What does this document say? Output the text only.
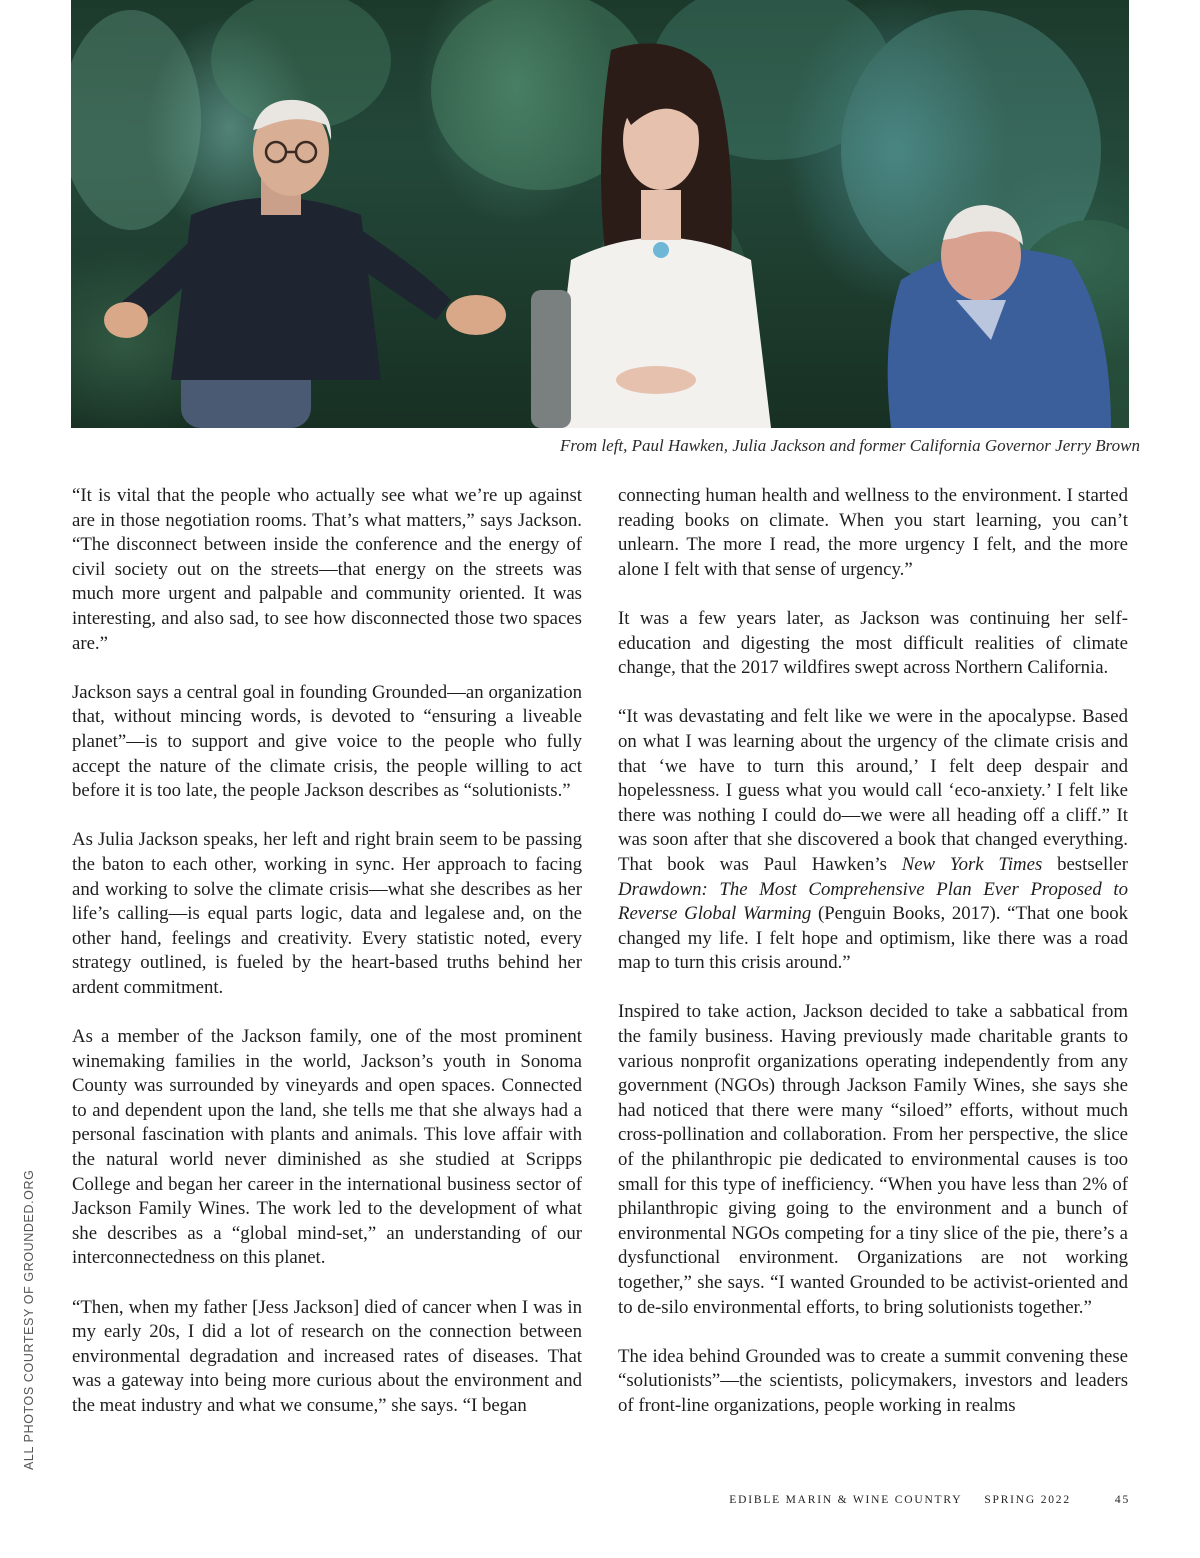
From left, Paul Hawken, Julia Jackson and former California Governor Jerry Brown

“It is vital that the people who actually see what we’re up against are in those negotiation rooms. That’s what matters,” says Jackson. “The disconnect between inside the conference and the energy of civil society out on the streets—that energy on the streets was much more urgent and palpable and community oriented. It was interesting, and also sad, to see how disconnected those two spaces are.”

Jackson says a central goal in founding Grounded—an organization that, without mincing words, is devoted to “ensuring a liveable planet”—is to support and give voice to the people who fully accept the nature of the climate crisis, the people willing to act before it is too late, the people Jackson describes as “solutionists.”

As Julia Jackson speaks, her left and right brain seem to be passing the baton to each other, working in sync. Her approach to facing and working to solve the climate crisis—what she describes as her life’s calling—is equal parts logic, data and legalese and, on the other hand, feelings and creativity. Every statistic noted, every strategy outlined, is fueled by the heart-based truths behind her ardent commitment.

As a member of the Jackson family, one of the most prominent winemaking families in the world, Jackson’s youth in Sonoma County was surrounded by vineyards and open spaces. Connected to and dependent upon the land, she tells me that she always had a personal fascination with plants and animals. This love affair with the natural world never diminished as she studied at Scripps College and began her career in the international business sector of Jackson Family Wines. The work led to the development of what she describes as a “global mind-set,” an understanding of our interconnectedness on this planet.

“Then, when my father [Jess Jackson] died of cancer when I was in my early 20s, I did a lot of research on the connection between environmental degradation and increased rates of diseases. That was a gateway into being more curious about the environment and the meat industry and what we consume,” she says. “I began

connecting human health and wellness to the environment. I started reading books on climate. When you start learning, you can’t unlearn. The more I read, the more urgency I felt, and the more alone I felt with that sense of urgency.”

It was a few years later, as Jackson was continuing her self-education and digesting the most difficult realities of climate change, that the 2017 wildfires swept across Northern California.

“It was devastating and felt like we were in the apocalypse. Based on what I was learning about the urgency of the climate crisis and that ‘we have to turn this around,’ I felt deep despair and hopelessness. I guess what you would call ‘eco-anxiety.’ I felt like there was nothing I could do—we were all heading off a cliff.” It was soon after that she discovered a book that changed everything. That book was Paul Hawken’s New York Times bestseller Drawdown: The Most Comprehensive Plan Ever Proposed to Reverse Global Warming (Penguin Books, 2017). “That one book changed my life. I felt hope and optimism, like there was a road map to turn this crisis around.”

Inspired to take action, Jackson decided to take a sabbatical from the family business. Having previously made charitable grants to various nonprofit organizations operating independently from any government (NGOs) through Jackson Family Wines, she says she had noticed that there were many “siloed” efforts, without much cross-pollination and collaboration. From her perspective, the slice of the philanthropic pie dedicated to environmental causes is too small for this type of inefficiency. “When you have less than 2% of philanthropic giving going to the environment and a bunch of environmental NGOs competing for a tiny slice of the pie, there’s a dysfunctional environment. Organizations are not working together,” she says. “I wanted Grounded to be activist-oriented and to de-silo environmental efforts, to bring solutionists together.”

The idea behind Grounded was to create a summit convening these “solutionists”—the scientists, policymakers, investors and leaders of front-line organizations, people working in realms

ALL PHOTOS COURTESY OF GROUNDED.ORG
EDIBLE MARIN & WINE COUNTRY SPRING 2022	45
